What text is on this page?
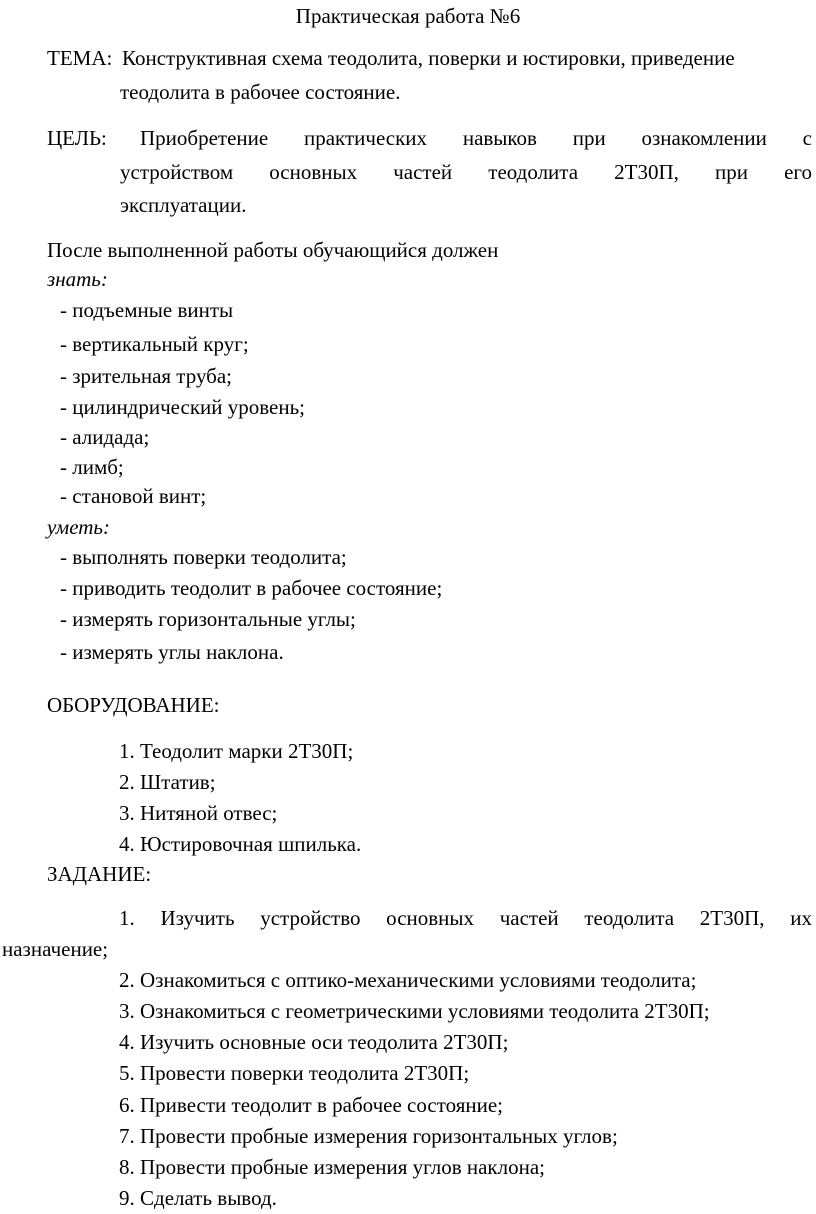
Практическая работа №6
ТЕМА: Конструктивная схема теодолита, поверки и юстировки, приведение
теодолита в рабочее состояние.
ЦЕЛЬ: Приобретение практических навыков при ознакомлении с
устройством основных частей теодолита 2Т30П, при его
эксплуатации.
После выполненной работы обучающийся должен
знать:
- подъемные винты
- вертикальный круг;
- зрительная труба;
- цилиндрический уровень;
- алидада;
- лимб;
- становой винт;
уметь:
- выполнять поверки теодолита;
- приводить теодолит в рабочее состояние;
- измерять горизонтальные углы;
- измерять углы наклона.
ОБОРУДОВАНИЕ:
1. Теодолит марки 2Т30П;
2. Штатив;
3. Нитяной отвес;
4. Юстировочная шпилька.
ЗАДАНИЕ:
1. Изучить устройство основных частей теодолита 2Т30П, их
назначение;
2. Ознакомиться с оптико-механическими условиями теодолита;
3. Ознакомиться с геометрическими условиями теодолита 2Т30П;
4. Изучить основные оси теодолита 2Т30П;
5. Провести поверки теодолита 2Т30П;
6. Привести теодолит в рабочее состояние;
7. Провести пробные измерения горизонтальных углов;
8. Провести пробные измерения углов наклона;
9. Сделать вывод.
